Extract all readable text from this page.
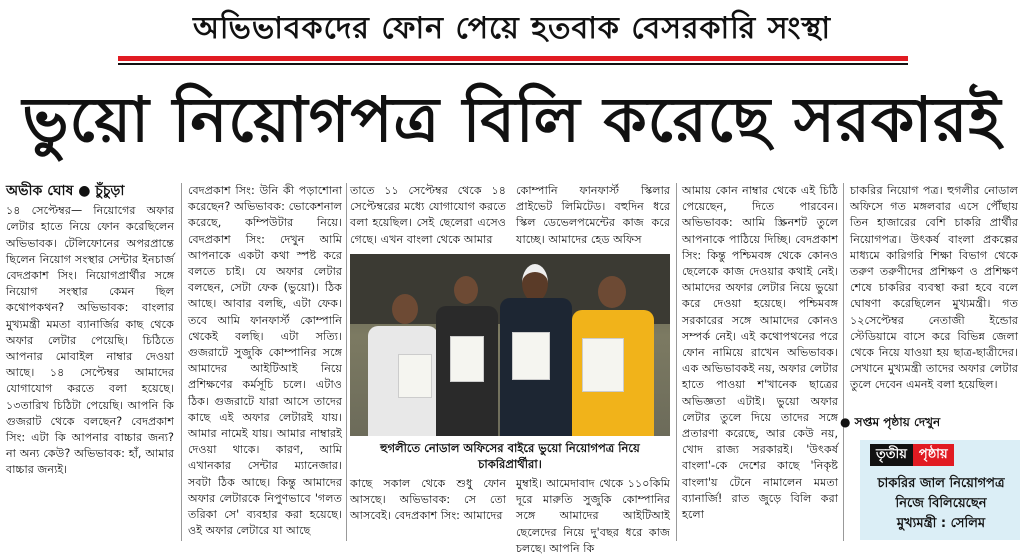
অভিভাবকদের ফোন পেয়ে হতবাক বেসরকারি সংস্থা
ভুয়ো নিয়োগপত্র বিলি করেছে সরকারই
অভীক ঘোষ ● চুঁচুড়া

১৪ সেপ্টেম্বর— নিয়োগের অফার লেটার হাতে নিয়ে ফোন করেছিলেন অভিভাবক। টেলিফোনের অপরপ্রান্তে ছিলেন নিয়োগ সংস্থার সেন্টার ইনচার্জ বেদপ্রকাশ সিং। নিয়োগপ্রার্থীর সঙ্গে নিয়োগ সংস্থার কেমন ছিল কথোপকথন? অভিভাবক: বাংলার মুখ্যমন্ত্রী মমতা ব্যানার্জির কাছ থেকে অফার লেটার পেয়েছি। চিঠিতে আপনার মোবাইল নাম্বার দেওয়া আছে। ১৪ সেপ্টেম্বর আমাদের যোগাযোগ করতে বলা হয়েছে। ১৩তারিখ চিঠিটা পেয়েছি। আপনি কি গুজরাট থেকে বলছেন? বেদপ্রকাশ সিং: এটা কি আপনার বাচ্চার জন্য? না অন্য কেউ? অভিভাবক: হাঁ, আমার বাচ্চার জন্যই।

বেদপ্রকাশ সিং: উনি কী পড়াশোনা করেছেন? অভিভাবক: ভোকেশনাল করেছে, কম্পিউটার নিয়ে। বেদপ্রকাশ সিং: দেখুন আমি আপনাকে একটা কথা স্পষ্ট করে বলতে চাই। যে অফার লেটার বলছেন, সেটা ফেক (ভুয়ো)। ঠিক আছে। আবার বলছি, এটা ফেক। তবে আমি ফানফার্স্ট কোম্পানি থেকেই বলছি। এটা সত্যি। গুজরাটে সুজুকি কোম্পানির সঙ্গে আমাদের আইটিআই নিয়ে প্রশিক্ষণের কর্মসূচি চলে। এটাও ঠিক। গুজরাটে যারা আসে তাদের কাছে এই অফার লেটারই যায়। আমার নামেই যায়। আমার নাম্বারই দেওয়া থাকে। কারণ, আমি এখানকার সেন্টার ম্যানেজার। সবটা ঠিক আছে। কিন্তু আমাদের অফার লেটারকে নিপুণভাবে 'গলত তরিকা সে' ব্যবহার করা হয়েছে। ওই অফার লেটারে যা আছে

তাতে ১১ সেপ্টেম্বর থেকে ১৪ সেপ্টেম্বরের মধ্যে যোগাযোগ করতে বলা হয়েছিল। সেই ছেলেরা এসেও গেছে। এখন বাংলা থেকে আমার

কোম্পানি ফানফার্স্ট স্কিলার প্রাইভেট লিমিটেড। বহুদিন ধরে স্কিল ডেভেলপমেন্টের কাজ করে যাচ্ছে। আমাদের হেড অফিস

হুগলীতে নোডাল অফিসের বাইরে ভুয়ো নিয়োগপত্র নিয়ে চাকরিপ্রার্থীরা।

কাছে সকাল থেকে শুধু ফোন আসছে। অভিভাবক: সে তো আসবেই। বেদপ্রকাশ সিং: আমাদের

মুম্বাই। আমেদাবাদ থেকে ১১০কিমি দূরে মারুতি সুজুকি কোম্পানির সঙ্গে আমাদের আইটিআই ছেলেদের নিয়ে দু'বছর ধরে কাজ চলছে। আপনি কি

আমায় কোন নাম্বার থেকে এই চিঠি পেয়েছেন, দিতে পারবেন। অভিভাবক: আমি স্ক্রিনশট তুলে আপনাকে পাঠিয়ে দিচ্ছি। বেদপ্রকাশ সিং: কিন্তু পশ্চিমবঙ্গ থেকে কোনও ছেলেকে কাজ দেওয়ার কথাই নেই। আমাদের অফার লেটার নিয়ে ভুয়ো করে দেওয়া হয়েছে। পশ্চিমবঙ্গ সরকারের সঙ্গে আমাদের কোনও সম্পর্ক নেই। এই কথোপথনের পরে ফোন নামিয়ে রাখেন অভিভাবক। এক অভিভাবকই নয়, অফার লেটার হাতে পাওয়া শ'খানেক ছাত্রের অভিজ্ঞতা এটাই। ভুয়ো অফার লেটার তুলে দিয়ে তাদের সঙ্গে প্রতারণা করেছে, আর কেউ নয়, খোদ রাজ্য সরকারই। 'উৎকর্ষ বাংলা'-কে দেশের কাছে 'নিকৃষ্ট বাংলা'য় টেনে নামালেন মমতা ব্যানার্জি! রাত জুড়ে বিলি করা হলো

চাকরির নিয়োগ পত্র। হুগলীর নোডাল অফিসে গত মঙ্গলবার এসে পৌঁছায় তিন হাজারের বেশি চাকরি প্রার্থীর নিয়োগপত্র। উৎকর্ষ বাংলা প্রকল্পের মাধ্যমে কারিগরি শিক্ষা বিভাগ থেকে তরুণ তরুণীদের প্রশিক্ষণ ও প্রশিক্ষণ শেষে চাকরির ব্যবস্থা করা হবে বলে ঘোষণা করেছিলেন মুখ্যমন্ত্রী। গত ১২সেপ্টেম্বর নেতাজী ইন্ডোর স্টেডিয়ামে বাসে করে বিভিন্ন জেলা থেকে নিয়ে যাওয়া হয় ছাত্র-ছাত্রীদের। সেখানে মুখ্যমন্ত্রী তাদের অফার লেটার তুলে দেবেন এমনই বলা হয়েছিল।

● সপ্তম পৃষ্ঠায় দেখুন
তৃতীয় পৃষ্ঠায়
চাকরির জাল নিয়োগপত্র
নিজে বিলিয়েছেন
মুখ্যমন্ত্রী : সেলিম
